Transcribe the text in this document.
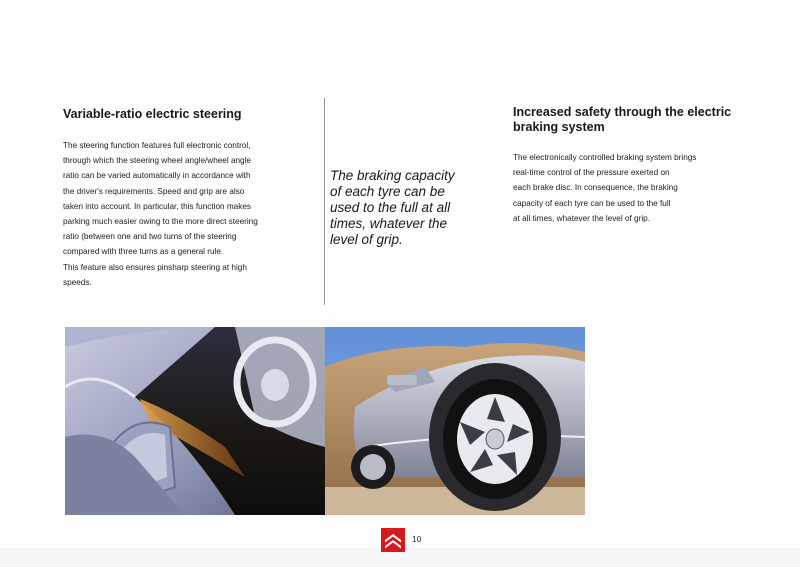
Variable-ratio electric steering

The steering function features full electronic control,
through which the steering wheel angle/wheel angle
ratio can be varied automatically in accordance with
the driver's requirements. Speed and grip are also
taken into account. In particular, this function makes
parking much easier owing to the more direct steering
ratio (between one and two turns of the steering
compared with three turns as a general rule.
This feature also ensures pinsharp steering at high
speeds.

The braking capacity
of each tyre can be
used to the full at all
times, whatever the
level of grip.

Increased safety through the electric
braking system

The electronically controlled braking system brings
real-time control of the pressure exerted on
each brake disc. In consequence, the braking
capacity of each tyre can be used to the full
at all times, whatever the level of grip.

10
